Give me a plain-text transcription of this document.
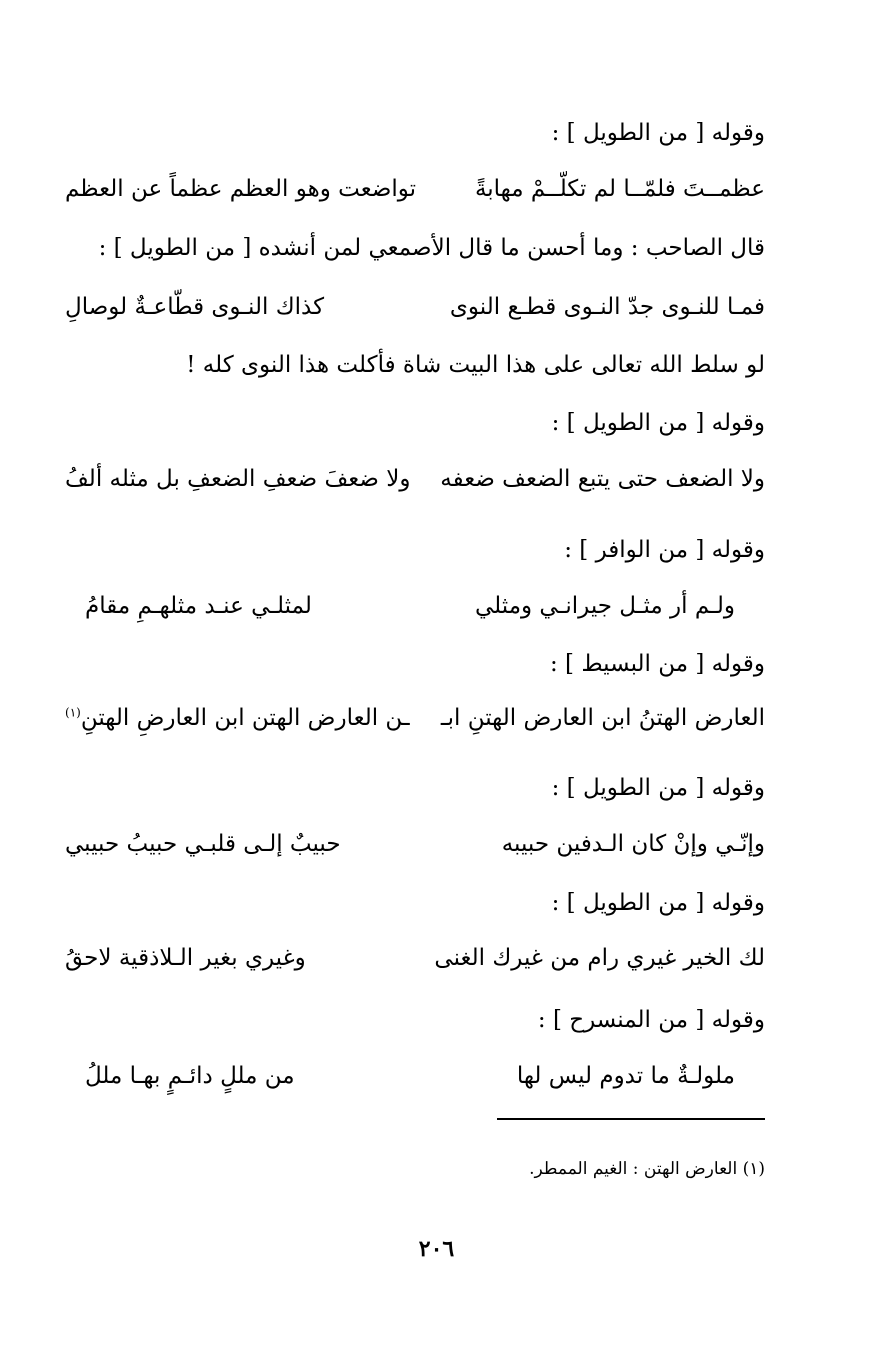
وقوله [ من الطويل ] :
عظمــتَ فلمّــا لم تكلّــمْ مهابةً
تواضعت وهو العظم عظماً عن العظم
قال الصاحب : وما أحسن ما قال الأصمعي لمن أنشده [ من الطويل ] :
فمـا للنـوى جدّ النـوى قطـع النوى
كذاك النـوى قطّاعـةٌ لوصالِ
لو سلط الله تعالى على هذا البيت شاة فأكلت هذا النوى كله !
وقوله [ من الطويل ] :
ولا الضعف حتى يتبع الضعف ضعفه
ولا ضعفَ ضعفِ الضعفِ بل مثله ألفُ
وقوله [ من الوافر ] :
ولـم أر مثـل جيرانـي ومثلي
لمثلـي عنـد مثلهـمِ مقامُ
وقوله [ من البسيط ] :
العارض الهتنُ ابن العارض الهتنِ ابـ
ـن العارض الهتن ابن العارضِ الهتنِ$^{(١)}$
وقوله [ من الطويل ] :
وإنّـي وإنْ كان الـدفين حبيبه
حبيبٌ إلـى قلبـي حبيبُ حبيبي
وقوله [ من الطويل ] :
لك الخير غيري رام من غيرك الغنى
وغيري بغير الـلاذقية لاحقُ
وقوله [ من المنسرح ] :
ملولـةٌ ما تدوم ليس لها
من مللٍ دائـمٍ بهـا مللُ
(١) العارض الهتن : الغيم الممطر.
٢٠٦
